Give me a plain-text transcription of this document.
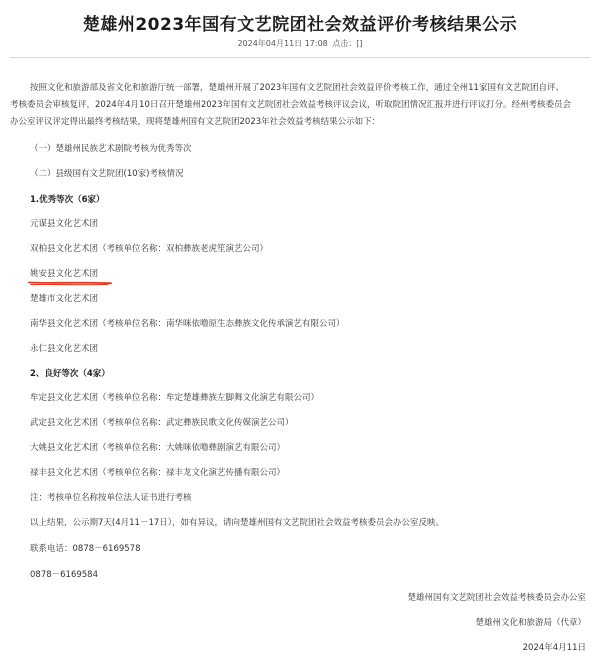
楚雄州2023年国有文艺院团社会效益评价考核结果公示
2024年04月11日 17:08 点击：[]
按照文化和旅游部及省文化和旅游厅统一部署，楚雄州开展了2023年国有文艺院团社会效益评价考核工作，通过全州11家国有文艺院团自评、
考核委员会审核复评，2024年4月10日召开楚雄州2023年国有文艺院团社会效益考核评议会议，听取院团情况汇报并进行评议打分。经州考核委员会
办公室评议评定得出最终考核结果，现将楚雄州国有文艺院团2023年社会效益考核结果公示如下：
（一）楚雄州民族艺术剧院考核为优秀等次
（二）县级国有文艺院团(10家)考核情况
1.优秀等次（6家）
元谋县文化艺术团
双柏县文化艺术团（考核单位名称：双柏彝族老虎笙演艺公司）
姚安县文化艺术团
楚雄市文化艺术团
南华县文化艺术团（考核单位名称：南华咪依噜原生态彝族文化传承演艺有限公司）
永仁县文化艺术团
2、良好等次（4家）
牟定县文化艺术团（考核单位名称：牟定楚雄彝族左脚舞文化演艺有限公司）
武定县文化艺术团（考核单位名称：武定彝族民歌文化传媒演艺公司）
大姚县文化艺术团（考核单位名称：大姚咪依噜彝剧演艺有限公司）
禄丰县文化艺术团（考核单位名称：禄丰龙文化演艺传播有限公司）
注：考核单位名称按单位法人证书进行考核
以上结果，公示期7天(4月11－17日），如有异议，请向楚雄州国有文艺院团社会效益考核委员会办公室反映。
联系电话：0878－6169578
0878－6169584
楚雄州国有文艺院团社会效益考核委员会办公室
楚雄州文化和旅游局（代章）
2024年4月11日
